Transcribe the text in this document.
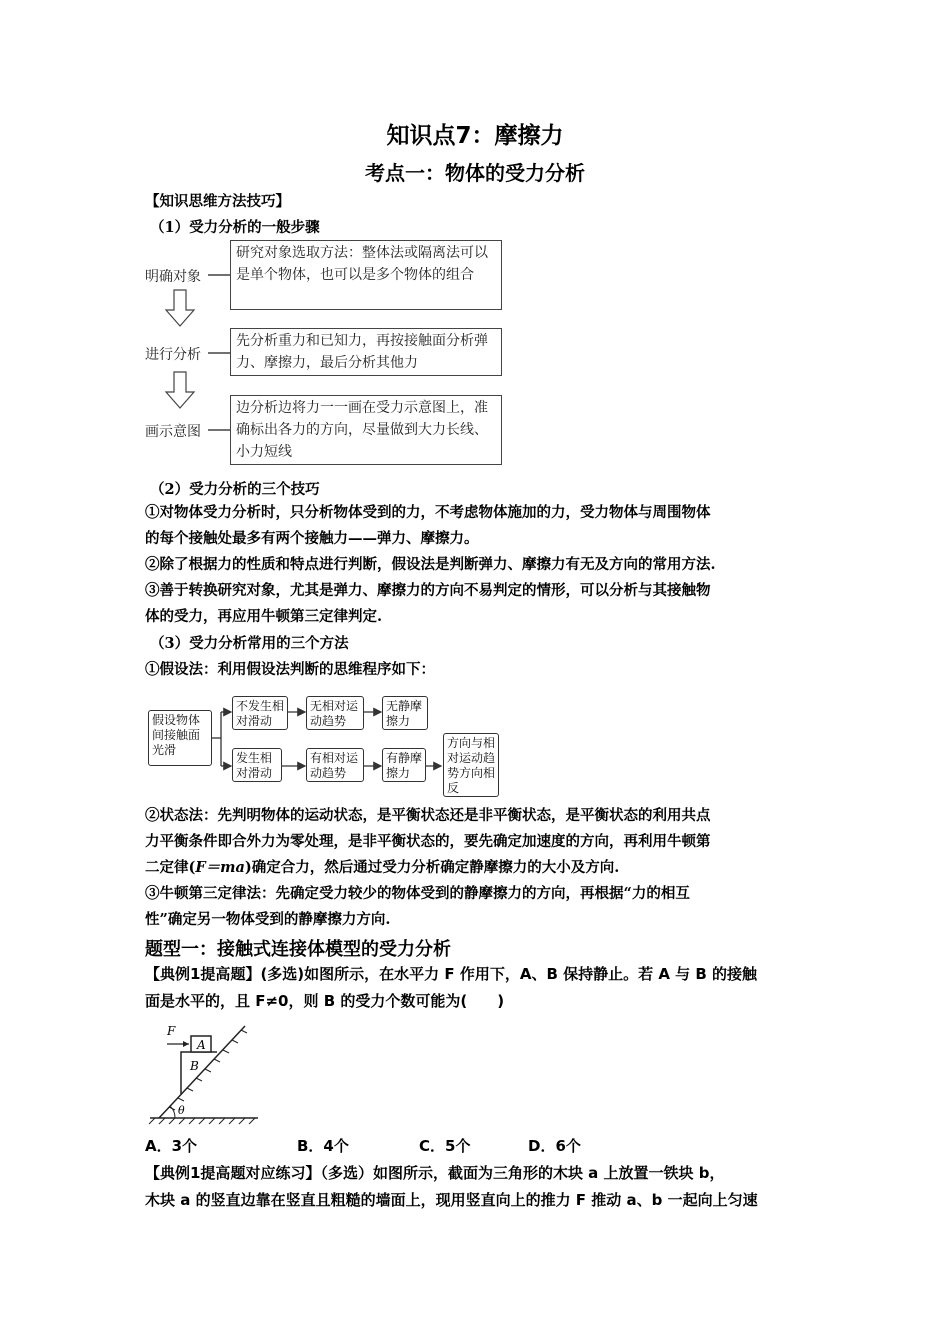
知识点7：摩擦力
考点一：物体的受力分析
【知识思维方法技巧】
（1）受力分析的一般步骤
明确对象
进行分析
画示意图
研究对象选取方法：整体法或隔离法可以是单个物体，也可以是多个物体的组合
先分析重力和已知力，再按接触面分析弹力、摩擦力，最后分析其他力
边分析边将力一一画在受力示意图上，准确标出各力的方向，尽量做到大力长线、小力短线
（2）受力分析的三个技巧
①对物体受力分析时，只分析物体受到的力，不考虑物体施加的力，受力物体与周围物体
的每个接触处最多有两个接触力——弹力、摩擦力。
②除了根据力的性质和特点进行判断，假设法是判断弹力、摩擦力有无及方向的常用方法.
③善于转换研究对象，尤其是弹力、摩擦力的方向不易判定的情形，可以分析与其接触物
体的受力，再应用牛顿第三定律判定.
（3）受力分析常用的三个方法
①假设法：利用假设法判断的思维程序如下：
假设物体间接触面光滑
不发生相对滑动
无相对运动趋势
无静摩擦力
发生相对滑动
有相对运动趋势
有静摩擦力
方向与相对运动趋势方向相反
②状态法：先判明物体的运动状态，是平衡状态还是非平衡状态，是平衡状态的利用共点
力平衡条件即合外力为零处理，是非平衡状态的，要先确定加速度的方向，再利用牛顿第
二定律(F＝ma)确定合力，然后通过受力分析确定静摩擦力的大小及方向.
③牛顿第三定律法：先确定受力较少的物体受到的静摩擦力的方向，再根据“力的相互
性”确定另一物体受到的静摩擦力方向.
题型一：接触式连接体模型的受力分析
【典例1提高题】(多选)如图所示，在水平力 F 作用下，A、B 保持静止。若 A 与 B 的接触
面是水平的，且 F≠0，则 B 的受力个数可能为(　　)
F
A
B
θ
A．3个	B．4个	C．5个	D．6个
【典例1提高题对应练习】（多选）如图所示，截面为三角形的木块 a 上放置一铁块 b，
木块 a 的竖直边靠在竖直且粗糙的墙面上，现用竖直向上的推力 F 推动 a、b 一起向上匀速
